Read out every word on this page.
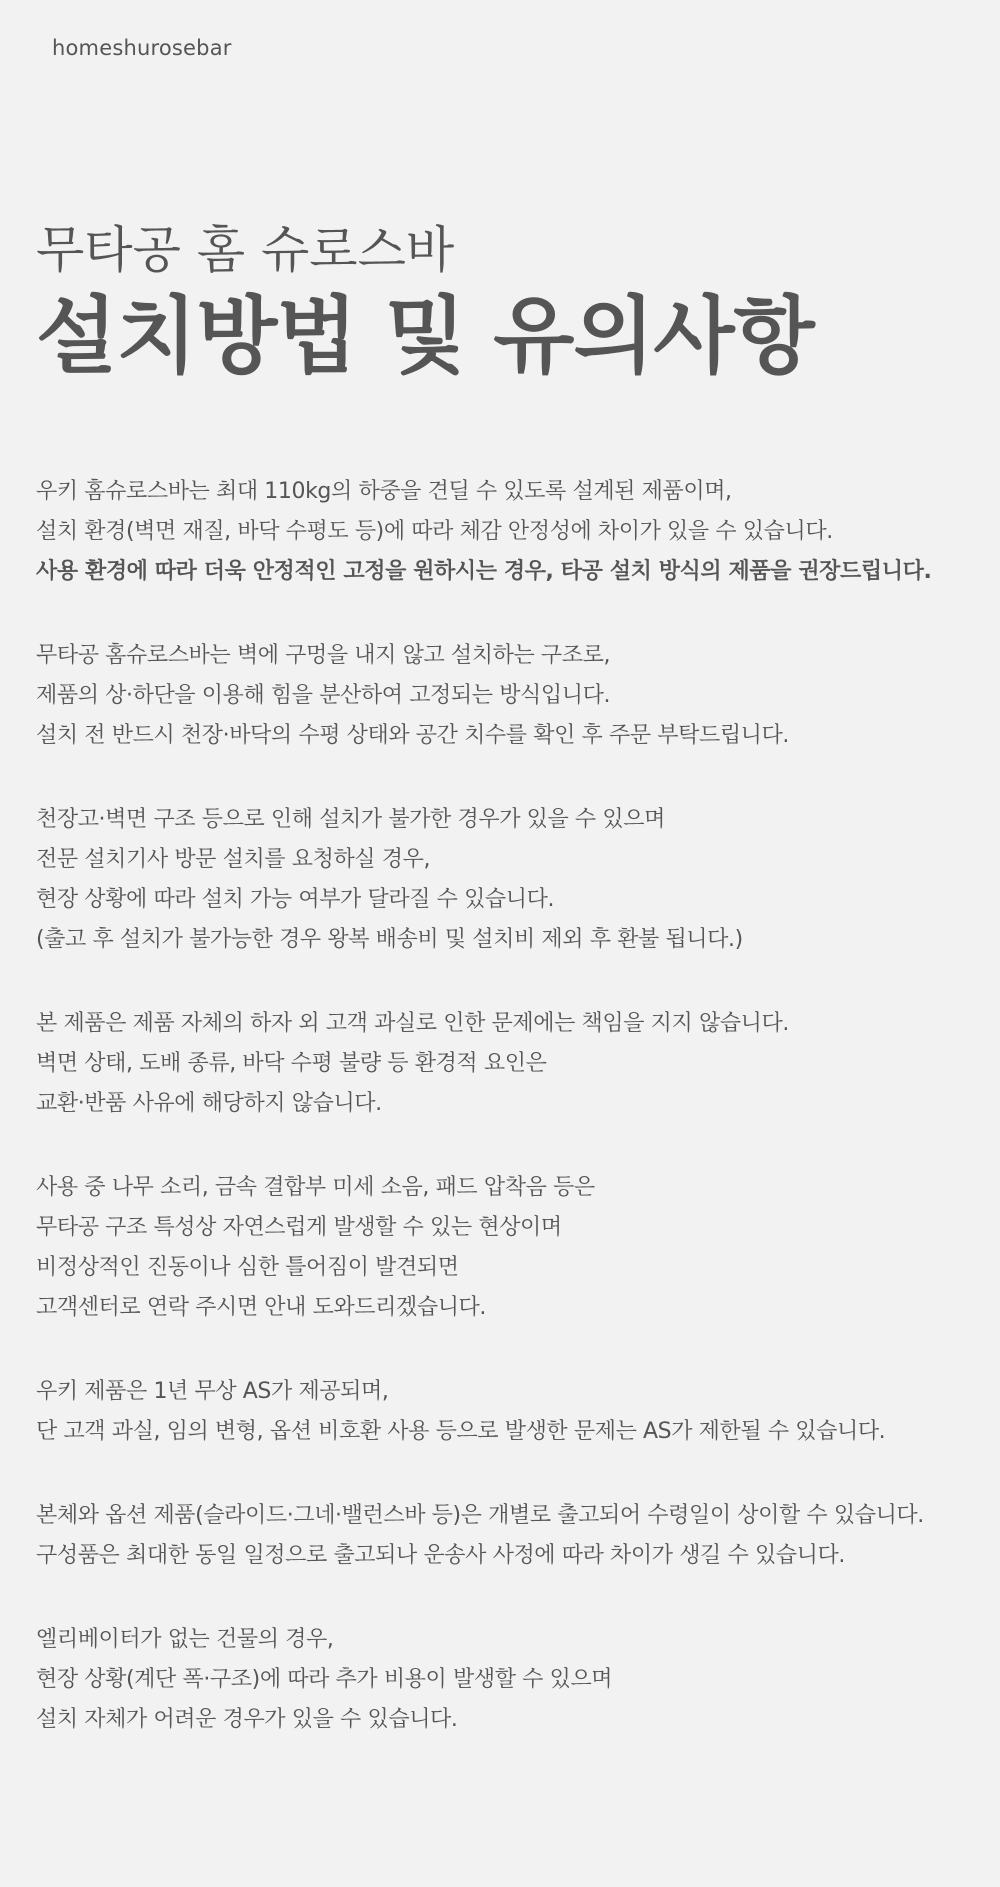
homeshurosebar
무타공 홈 슈로스바
설치방법 및 유의사항
우키 홈슈로스바는 최대 110kg의 하중을 견딜 수 있도록 설계된 제품이며,
설치 환경(벽면 재질, 바닥 수평도 등)에 따라 체감 안정성에 차이가 있을 수 있습니다.
사용 환경에 따라 더욱 안정적인 고정을 원하시는 경우, 타공 설치 방식의 제품을 권장드립니다.
무타공 홈슈로스바는 벽에 구멍을 내지 않고 설치하는 구조로,
제품의 상·하단을 이용해 힘을 분산하여 고정되는 방식입니다.
설치 전 반드시 천장·바닥의 수평 상태와 공간 치수를 확인 후 주문 부탁드립니다.
천장고·벽면 구조 등으로 인해 설치가 불가한 경우가 있을 수 있으며
전문 설치기사 방문 설치를 요청하실 경우,
현장 상황에 따라 설치 가능 여부가 달라질 수 있습니다.
(출고 후 설치가 불가능한 경우 왕복 배송비 및 설치비 제외 후 환불 됩니다.)
본 제품은 제품 자체의 하자 외 고객 과실로 인한 문제에는 책임을 지지 않습니다.
벽면 상태, 도배 종류, 바닥 수평 불량 등 환경적 요인은
교환·반품 사유에 해당하지 않습니다.
사용 중 나무 소리, 금속 결합부 미세 소음, 패드 압착음 등은
무타공 구조 특성상 자연스럽게 발생할 수 있는 현상이며
비정상적인 진동이나 심한 틀어짐이 발견되면
고객센터로 연락 주시면 안내 도와드리겠습니다.
우키 제품은 1년 무상 AS가 제공되며,
단 고객 과실, 임의 변형, 옵션 비호환 사용 등으로 발생한 문제는 AS가 제한될 수 있습니다.
본체와 옵션 제품(슬라이드·그네·밸런스바 등)은 개별로 출고되어 수령일이 상이할 수 있습니다.
구성품은 최대한 동일 일정으로 출고되나 운송사 사정에 따라 차이가 생길 수 있습니다.
엘리베이터가 없는 건물의 경우,
현장 상황(계단 폭·구조)에 따라 추가 비용이 발생할 수 있으며
설치 자체가 어려운 경우가 있을 수 있습니다.
